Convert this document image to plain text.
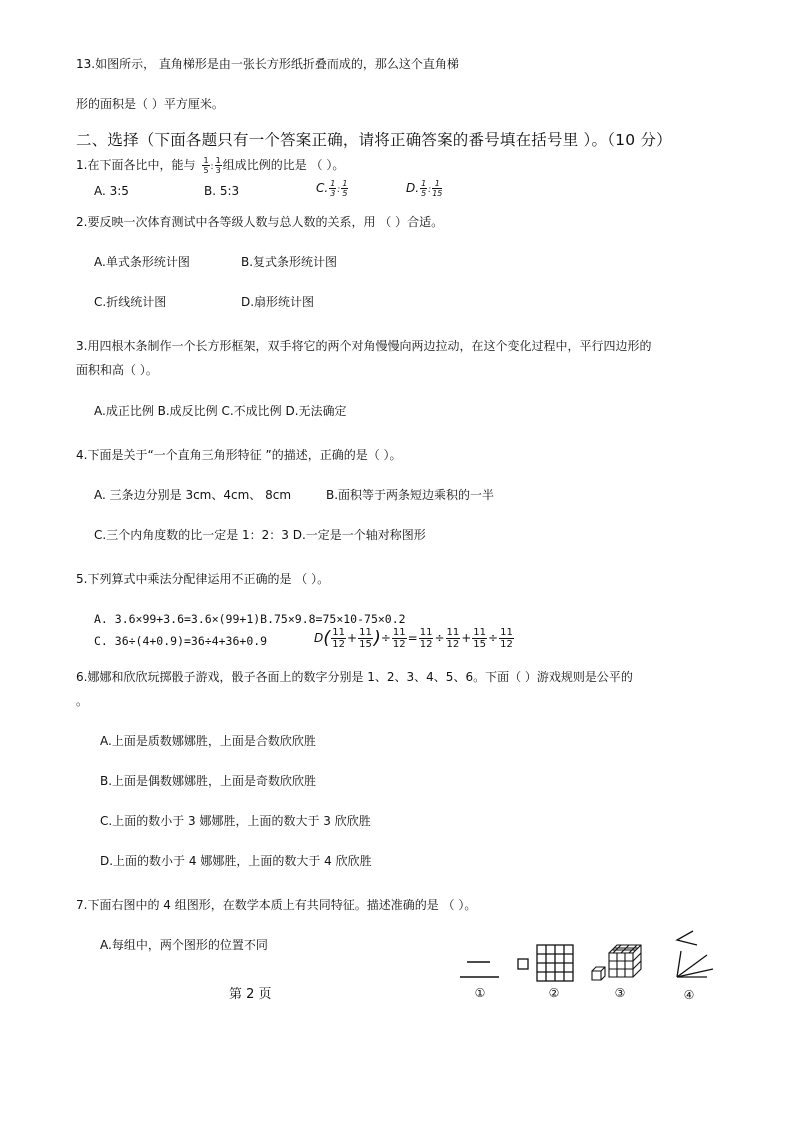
13.如图所示， 直角梯形是由一张长方形纸折叠而成的，那么这个直角梯
形的面积是（ ）平方厘米。
二、选择（下面各题只有一个答案正确，请将正确答案的番号填在括号里 ）。（10 分）
1.在下面各比中，能与 $\frac{1}{5}$ : $\frac{1}{3}$ 组成比例的比是 （ ）。
A. 3:5	B. 5:3	C. $\frac{1}{3}$ : $\frac{1}{5}$	D. $\frac{1}{5}$ : $\frac{1}{15}$
2.要反映一次体育测试中各等级人数与总人数的关系，用 （ ）合适。
A.单式条形统计图	B.复式条形统计图
C.折线统计图	D.扇形统计图
3.用四根木条制作一个长方形框架，双手将它的两个对角慢慢向两边拉动，在这个变化过程中，平行四边形的
面积和高（ ）。
A.成正比例 B.成反比例 C.不成比例 D.无法确定
4.下面是关于“一个直角三角形特征 ”的描述，正确的是（ ）。
A. 三条边分别是 3cm、4cm、 8cm	B.面积等于两条短边乘积的一半
C.三个内角度数的比一定是 1：2：3 D.一定是一个轴对称图形
5.下列算式中乘法分配律运用不正确的是 （ ）。
A. 3.6×99+3.6=3.6×(99+1)B.75×9.8=75×10-75×0.2
C. 36÷(4+0.9)=36÷4+36+0.9	$D( \frac{11}{12} + \frac{11}{15}$ )÷ $\frac{11}{12} = \frac{11}{12} \div \frac{11}{12} + \frac{11}{15} \div \frac{11}{12}$
6.娜娜和欣欣玩掷骰子游戏，骰子各面上的数字分别是 1、2、3、4、5、6。下面（ ）游戏规则是公平的
。
A.上面是质数娜娜胜，上面是合数欣欣胜
B.上面是偶数娜娜胜，上面是奇数欣欣胜
C.上面的数小于 3 娜娜胜，上面的数大于 3 欣欣胜
D.上面的数小于 4 娜娜胜，上面的数大于 4 欣欣胜
7.下面右图中的 4 组图形，在数学本质上有共同特征。描述准确的是 （ ）。
A.每组中，两个图形的位置不同
①	②	③	④
第 2 页
